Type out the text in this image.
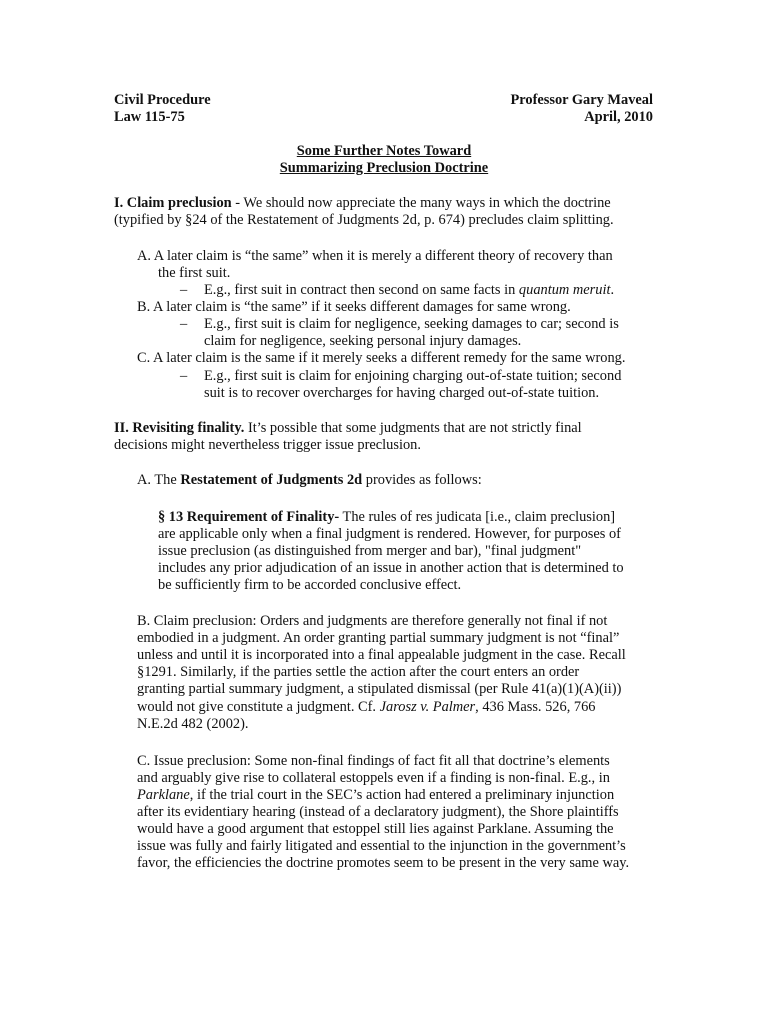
Civil Procedure
Law 115-75
Professor Gary Maveal
April, 2010
Some Further Notes Toward
Summarizing Preclusion Doctrine
I. Claim preclusion - We should now appreciate the many ways in which the doctrine
(typified by §24 of the Restatement of Judgments 2d, p. 674) precludes claim splitting.
A. A later claim is “the same” when it is merely a different theory of recovery than
the first suit.
– E.g., first suit in contract then second on same facts in quantum meruit.
B. A later claim is “the same” if it seeks different damages for same wrong.
– E.g., first suit is claim for negligence, seeking damages to car; second is
claim for negligence, seeking personal injury damages.
C. A later claim is the same if it merely seeks a different remedy for the same wrong.
– E.g., first suit is claim for enjoining charging out-of-state tuition; second
suit is to recover overcharges for having charged out-of-state tuition.
II. Revisiting finality. It’s possible that some judgments that are not strictly final
decisions might nevertheless trigger issue preclusion.
A. The Restatement of Judgments 2d provides as follows:
§ 13 Requirement of Finality- The rules of res judicata [i.e., claim preclusion]
are applicable only when a final judgment is rendered. However, for purposes of
issue preclusion (as distinguished from merger and bar), "final judgment"
includes any prior adjudication of an issue in another action that is determined to
be sufficiently firm to be accorded conclusive effect.
B. Claim preclusion: Orders and judgments are therefore generally not final if not
embodied in a judgment. An order granting partial summary judgment is not “final”
unless and until it is incorporated into a final appealable judgment in the case. Recall
§1291. Similarly, if the parties settle the action after the court enters an order
granting partial summary judgment, a stipulated dismissal (per Rule 41(a)(1)(A)(ii))
would not give constitute a judgment. Cf. Jarosz v. Palmer, 436 Mass. 526, 766
N.E.2d 482 (2002).
C. Issue preclusion: Some non-final findings of fact fit all that doctrine’s elements
and arguably give rise to collateral estoppels even if a finding is non-final. E.g., in
Parklane, if the trial court in the SEC’s action had entered a preliminary injunction
after its evidentiary hearing (instead of a declaratory judgment), the Shore plaintiffs
would have a good argument that estoppel still lies against Parklane. Assuming the
issue was fully and fairly litigated and essential to the injunction in the government’s
favor, the efficiencies the doctrine promotes seem to be present in the very same way.
